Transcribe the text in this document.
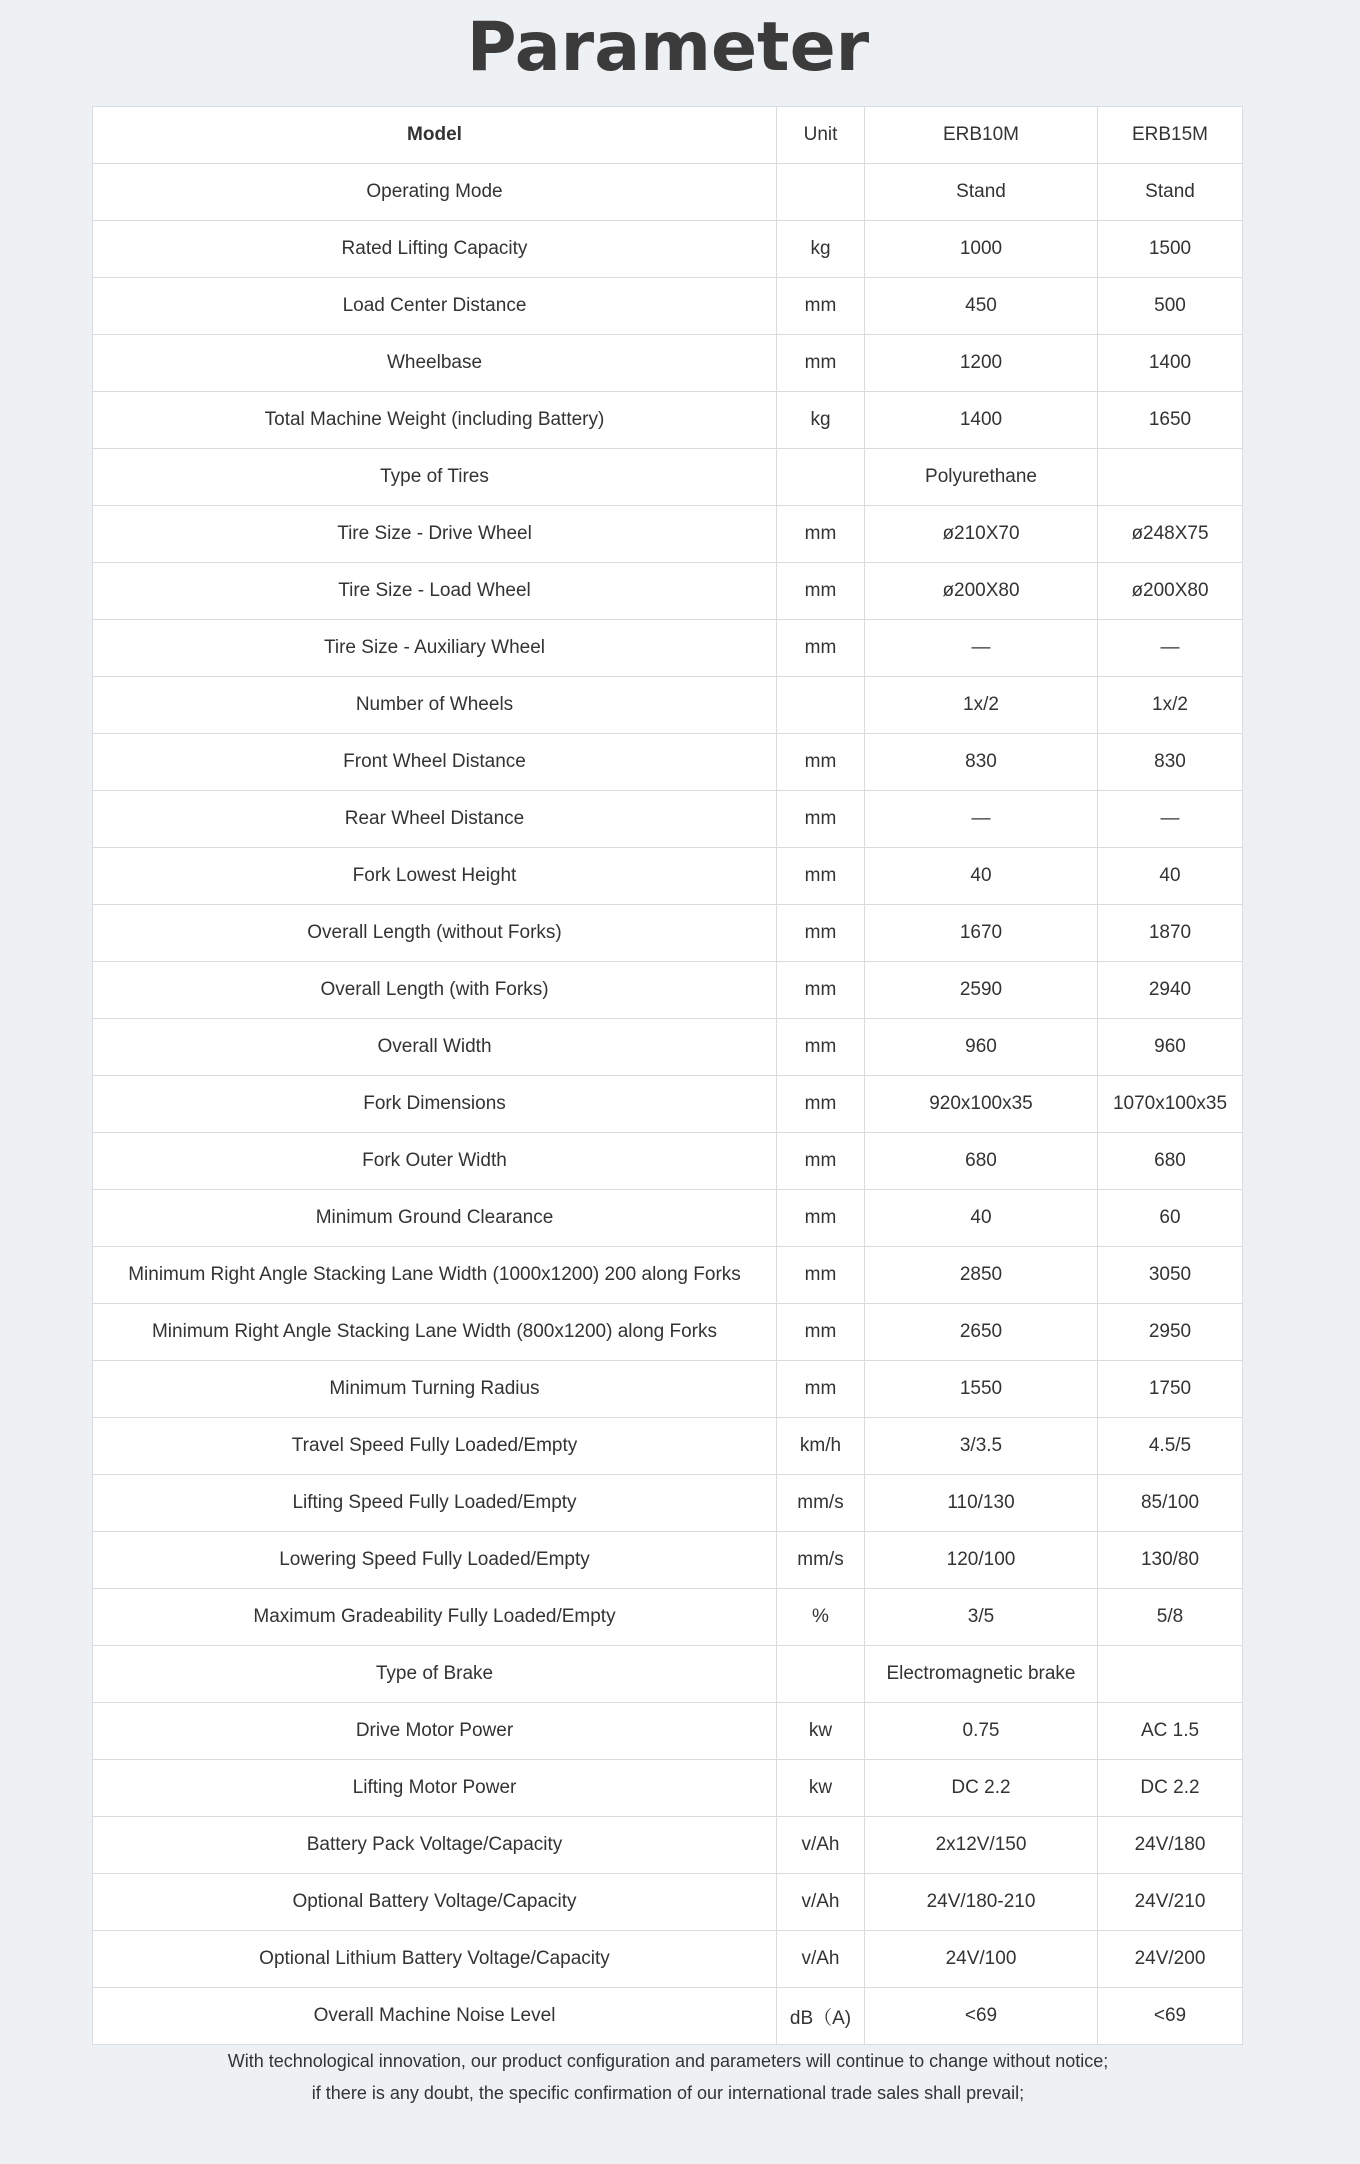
Parameter
Model	Unit	ERB10M	ERB15M
Operating Mode		Stand	Stand
Rated Lifting Capacity	kg	1000	1500
Load Center Distance	mm	450	500
Wheelbase	mm	1200	1400
Total Machine Weight (including Battery)	kg	1400	1650
Type of Tires		Polyurethane	
Tire Size - Drive Wheel	mm	ø210X70	ø248X75
Tire Size - Load Wheel	mm	ø200X80	ø200X80
Tire Size - Auxiliary Wheel	mm	—	—
Number of Wheels		1x/2	1x/2
Front Wheel Distance	mm	830	830
Rear Wheel Distance	mm	—	—
Fork Lowest Height	mm	40	40
Overall Length (without Forks)	mm	1670	1870
Overall Length (with Forks)	mm	2590	2940
Overall Width	mm	960	960
Fork Dimensions	mm	920x100x35	1070x100x35
Fork Outer Width	mm	680	680
Minimum Ground Clearance	mm	40	60
Minimum Right Angle Stacking Lane Width (1000x1200) 200 along Forks	mm	2850	3050
Minimum Right Angle Stacking Lane Width (800x1200) along Forks	mm	2650	2950
Minimum Turning Radius	mm	1550	1750
Travel Speed Fully Loaded/Empty	km/h	3/3.5	4.5/5
Lifting Speed Fully Loaded/Empty	mm/s	110/130	85/100
Lowering Speed Fully Loaded/Empty	mm/s	120/100	130/80
Maximum Gradeability Fully Loaded/Empty	%	3/5	5/8
Type of Brake		Electromagnetic brake	
Drive Motor Power	kw	0.75	AC 1.5
Lifting Motor Power	kw	DC 2.2	DC 2.2
Battery Pack Voltage/Capacity	v/Ah	2x12V/150	24V/180
Optional Battery Voltage/Capacity	v/Ah	24V/180-210	24V/210
Optional Lithium Battery Voltage/Capacity	v/Ah	24V/100	24V/200
Overall Machine Noise Level	dB（A)	<69	<69
With technological innovation, our product configuration and parameters will continue to change without notice;
if there is any doubt, the specific confirmation of our international trade sales shall prevail;
